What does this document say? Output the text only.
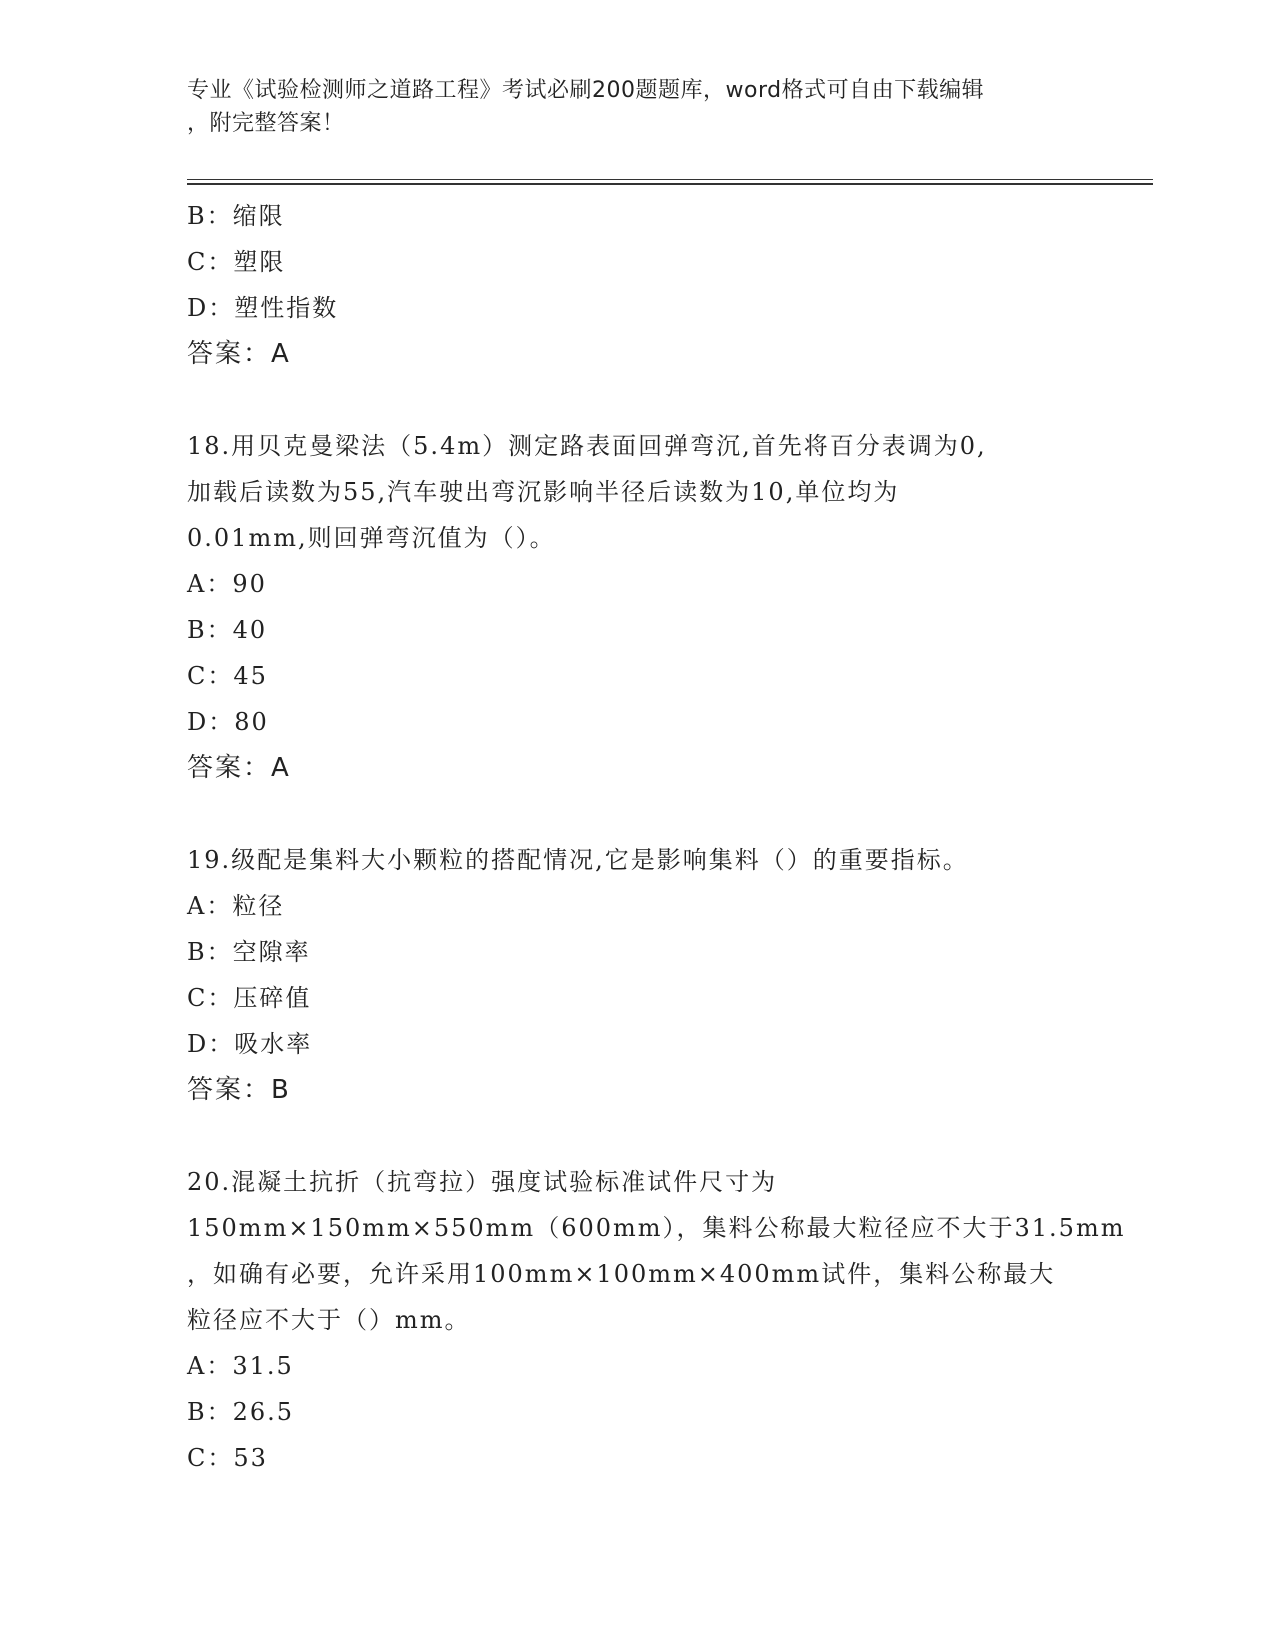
专业《试验检测师之道路工程》考试必刷200题题库，word格式可自由下载编辑
，附完整答案！
B：缩限
C：塑限
D：塑性指数
答案：A
18.用贝克曼梁法（5.4m）测定路表面回弹弯沉,首先将百分表调为0,
加载后读数为55,汽车驶出弯沉影响半径后读数为10,单位均为
0.01mm,则回弹弯沉值为（）。
A：90
B：40
C：45
D：80
答案：A
19.级配是集料大小颗粒的搭配情况,它是影响集料（）的重要指标。
A：粒径
B：空隙率
C：压碎值
D：吸水率
答案：B
20.混凝土抗折（抗弯拉）强度试验标准试件尺寸为
150mm×150mm×550mm（600mm），集料公称最大粒径应不大于31.5mm
，如确有必要，允许采用100mm×100mm×400mm试件，集料公称最大
粒径应不大于（）mm。
A：31.5
B：26.5
C：53
